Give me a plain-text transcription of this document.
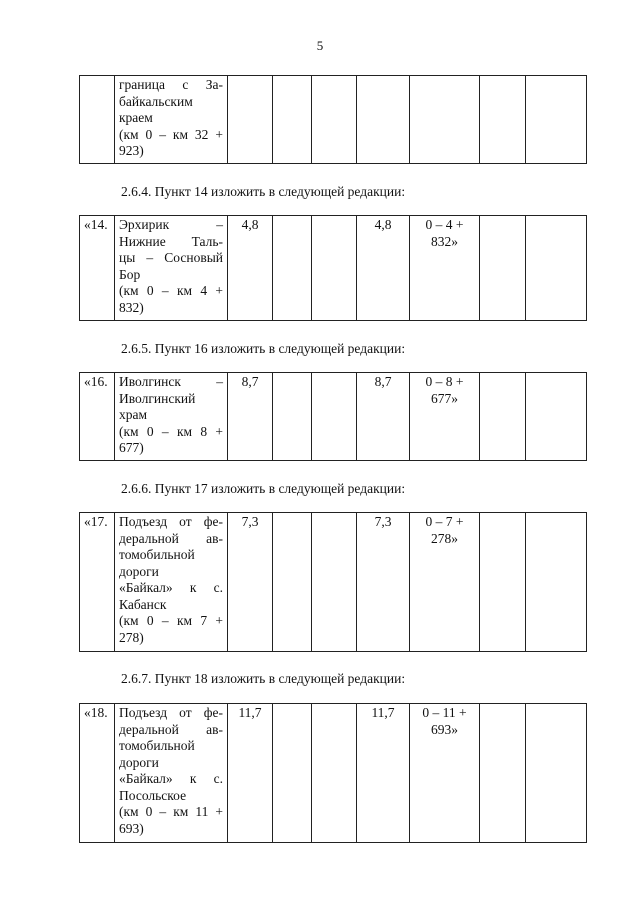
5

граница с За-
байкальским
краем
(км 0 – км 32 +
923)

2.6.4. Пункт 14 изложить в следующей редакции:
«14.	Эрхирик –
Нижние Таль-
цы – Сосновый
Бор
(км 0 – км 4 +
832)
	4,8			4,8	0 – 4 + 832»		
2.6.5. Пункт 16 изложить в следующей редакции:
«16.	Иволгинск –
Иволгинский
храм
(км 0 – км 8 +
677)
	8,7			8,7	0 – 8 + 677»		
2.6.6. Пункт 17 изложить в следующей редакции:
«17.	Подъезд от фе-
деральной ав-
томобильной
дороги
«Байкал» к с.
Кабанск
(км 0 – км 7 +
278)
	7,3			7,3	0 – 7 + 278»		
2.6.7. Пункт 18 изложить в следующей редакции:
«18.	Подъезд от фе-
деральной ав-
томобильной
дороги
«Байкал» к с.
Посольское
(км 0 – км 11 +
693)
	11,7			11,7	0 – 11 + 693»		
